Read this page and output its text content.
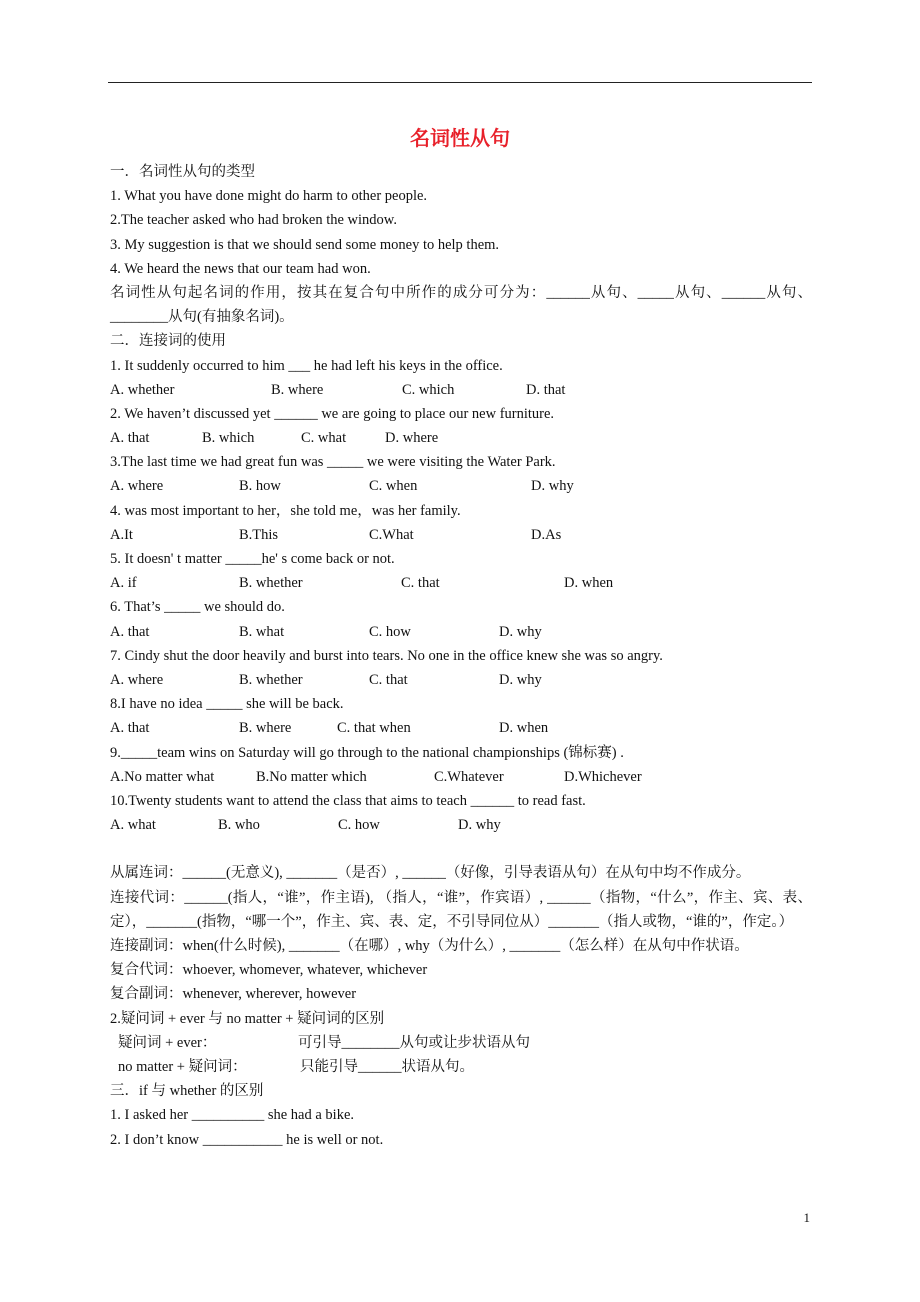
名词性从句
一．名词性从句的类型
1. What you have done might do harm to other people.
2.The teacher asked who had broken the window.
3. My suggestion is that we should send some money to help them.
4. We heard the news that our team had won.
名词性从句起名词的作用，按其在复合句中所作的成分可分为：______从句、_____从句、______从句、________从句(有抽象名词)。
二．连接词的使用
1. It suddenly occurred to him ___ he had left his keys in the office.
A. whether	B. where	C. which	D. that
2. We haven’t discussed yet ______ we are going to place our new furniture.
A. that	B. which	C. what	D. where
3.The last time we had great fun was _____ we were visiting the Water Park.
A. where	B. how	C. when	D. why
4. was most important to her，she told me，was her family.
A.It	B.This	C.What	D.As
5. It doesn' t matter _____he' s come back or not.
A. if	B. whether	C. that	D. when
6. That’s _____ we should do.
A. that	B. what	C. how	D. why
7. Cindy shut the door heavily and burst into tears. No one in the office knew she was so angry.
A. where	B. whether	C. that	D. why
8.I have no idea _____ she will be back.
A. that	B. where	C. that when	D. when
9._____team wins on Saturday will go through to the national championships (锦标赛) .
A.No matter what	B.No matter which	C.Whatever	D.Whichever
10.Twenty students want to attend the class that aims to teach ______ to read fast.
A. what	B. who	C. how	D. why
从属连词：______(无意义), _______（是否）, ______（好像，引导表语从句）在从句中均不作成分。
连接代词：______(指人，“谁”，作主语), （指人，“谁”，作宾语）, ______（指物，“什么”，作主、宾、表、定），_______(指物，“哪一个”，作主、宾、表、定，不引导同位从）_______（指人或物，“谁的”，作定。）
连接副词：when(什么时候), _______（在哪）, why（为什么）, _______（怎么样）在从句中作状语。
复合代词：whoever, whomever, whatever, whichever
复合副词：whenever, wherever, however
2.疑问词 + ever 与 no matter + 疑问词的区别
疑问词 + ever：	可引导________从句或让步状语从句
no matter + 疑问词：	只能引导______状语从句。
三．if 与 whether 的区别
1. I asked her __________ she had a bike.
2. I don’t know ___________ he is well or not.
1
